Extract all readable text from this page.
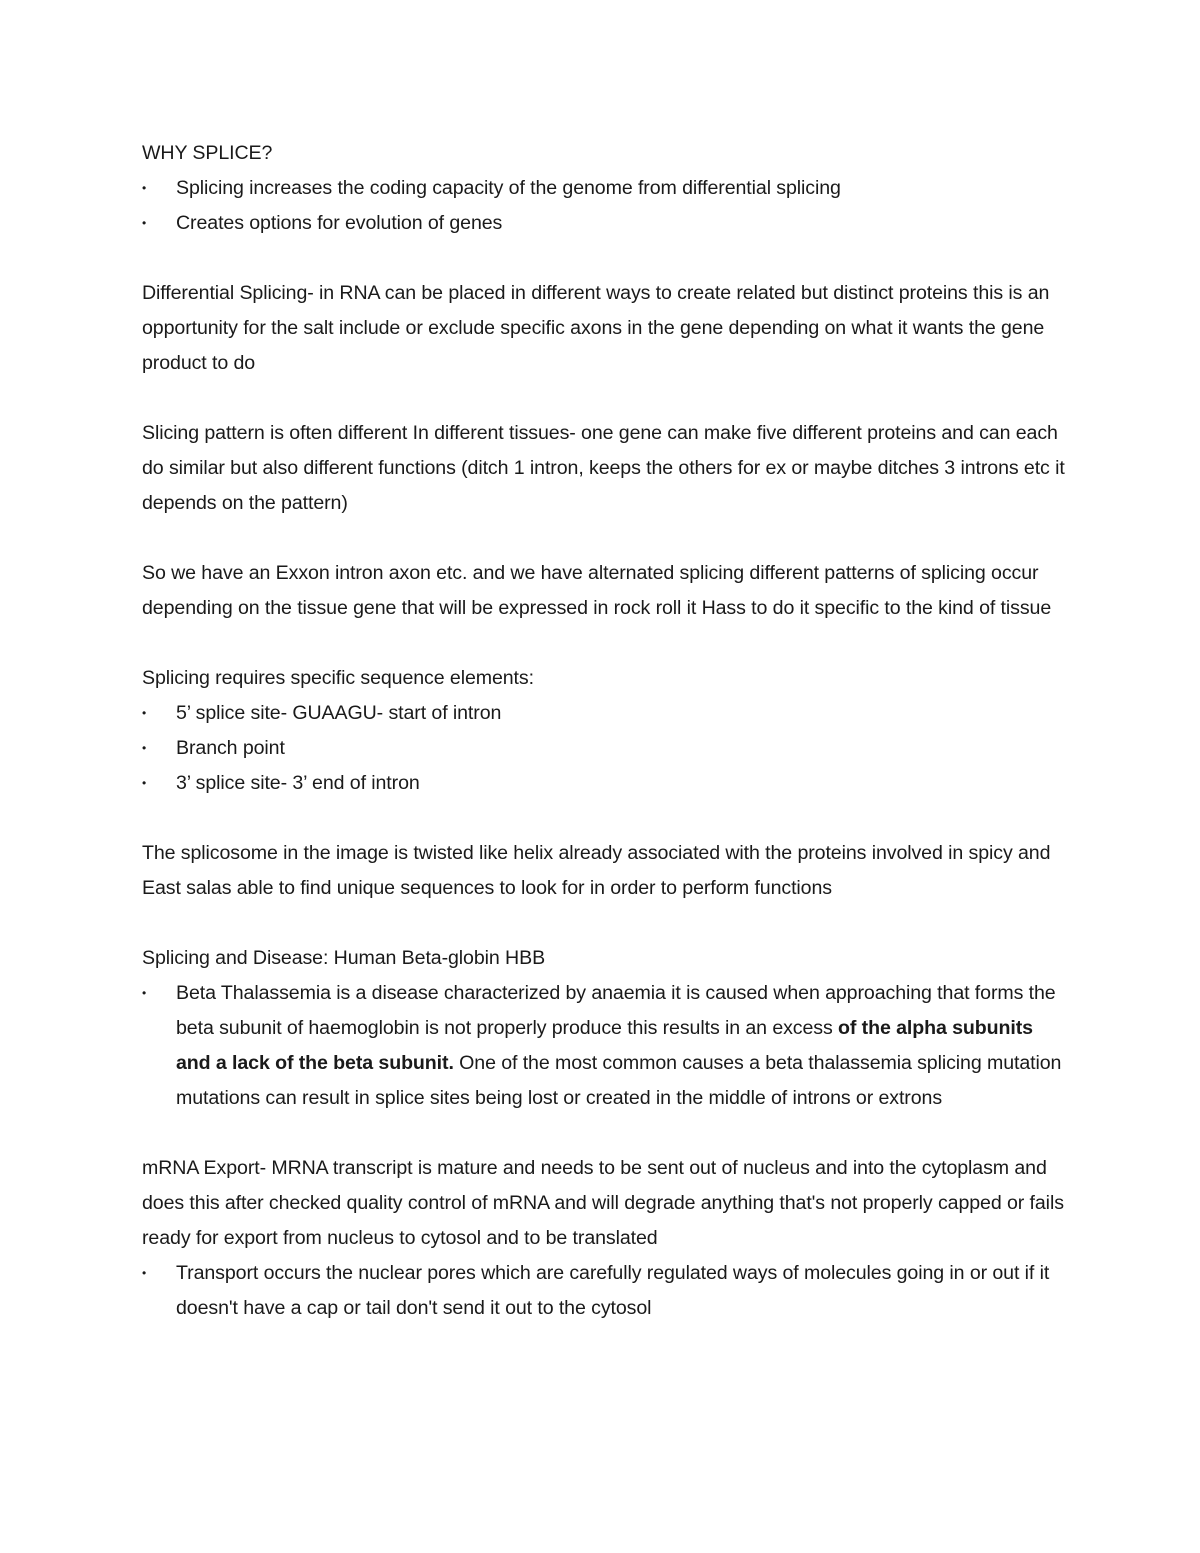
WHY SPLICE?

•	Splicing increases the coding capacity of the genome from differential splicing
•	Creates options for evolution of genes

Differential Splicing- in RNA can be placed in different ways to create related but distinct proteins this is an opportunity for the salt include or exclude specific axons in the gene depending on what it wants the gene product to do

Slicing pattern is often different In different tissues- one gene can make five different proteins and can each do similar but also different functions (ditch 1 intron, keeps the others for ex or maybe ditches 3 introns etc it depends on the pattern)

So we have an Exxon intron axon etc. and we have alternated splicing different patterns of splicing occur depending on the tissue gene that will be expressed in rock roll it Hass to do it specific to the kind of tissue

Splicing requires specific sequence elements:

•	5’ splice site- GUAAGU- start of intron
•	Branch point
•	3’ splice site- 3’ end of intron

The splicosome in the image is twisted like helix already associated with the proteins involved in spicy and East salas able to find unique sequences to look for in order to perform functions

Splicing and Disease: Human Beta-globin HBB

•	Beta Thalassemia is a disease characterized by anaemia it is caused when approaching that forms the beta subunit of haemoglobin is not properly produce this results in an excess of the alpha subunits and a lack of the beta subunit. One of the most common causes a beta thalassemia splicing mutation mutations can result in splice sites being lost or created in the middle of introns or extrons

mRNA Export- MRNA transcript is mature and needs to be sent out of nucleus and into the cytoplasm and does this after checked quality control of mRNA and will degrade anything that's not properly capped or fails ready for export from nucleus to cytosol and to be translated

•	Transport occurs the nuclear pores which are carefully regulated ways of molecules going in or out if it doesn't have a cap or tail don't send it out to the cytosol
